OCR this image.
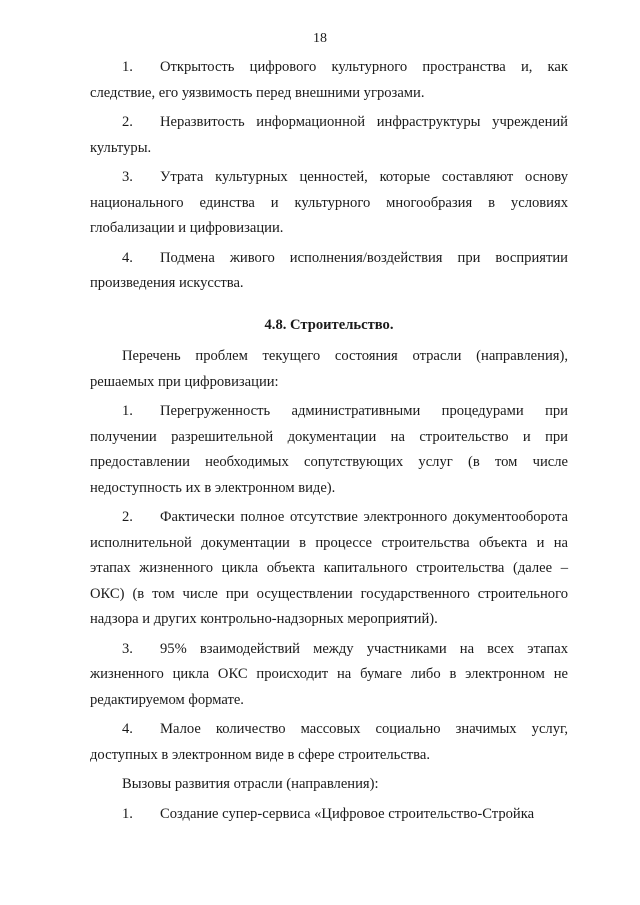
18

1. Открытость цифрового культурного пространства и, как следствие, его уязвимость перед внешними угрозами.

2. Неразвитость информационной инфраструктуры учреждений культуры.

3. Утрата культурных ценностей, которые составляют основу национального единства и культурного многообразия в условиях глобализации и цифровизации.

4. Подмена живого исполнения/воздействия при восприятии произведения искусства.

4.8. Строительство.

Перечень проблем текущего состояния отрасли (направления), решаемых при цифровизации:

1. Перегруженность административными процедурами при получении разрешительной документации на строительство и при предоставлении необходимых сопутствующих услуг (в том числе недоступность их в электронном виде).

2. Фактически полное отсутствие электронного документооборота исполнительной документации в процессе строительства объекта и на этапах жизненного цикла объекта капитального строительства (далее – ОКС) (в том числе при осуществлении государственного строительного надзора и других контрольно-надзорных мероприятий).

3. 95% взаимодействий между участниками на всех этапах жизненного цикла ОКС происходит на бумаге либо в электронном не редактируемом формате.

4. Малое количество массовых социально значимых услуг, доступных в электронном виде в сфере строительства.

Вызовы развития отрасли (направления):

1. Создание супер-сервиса «Цифровое строительство-Стройка
